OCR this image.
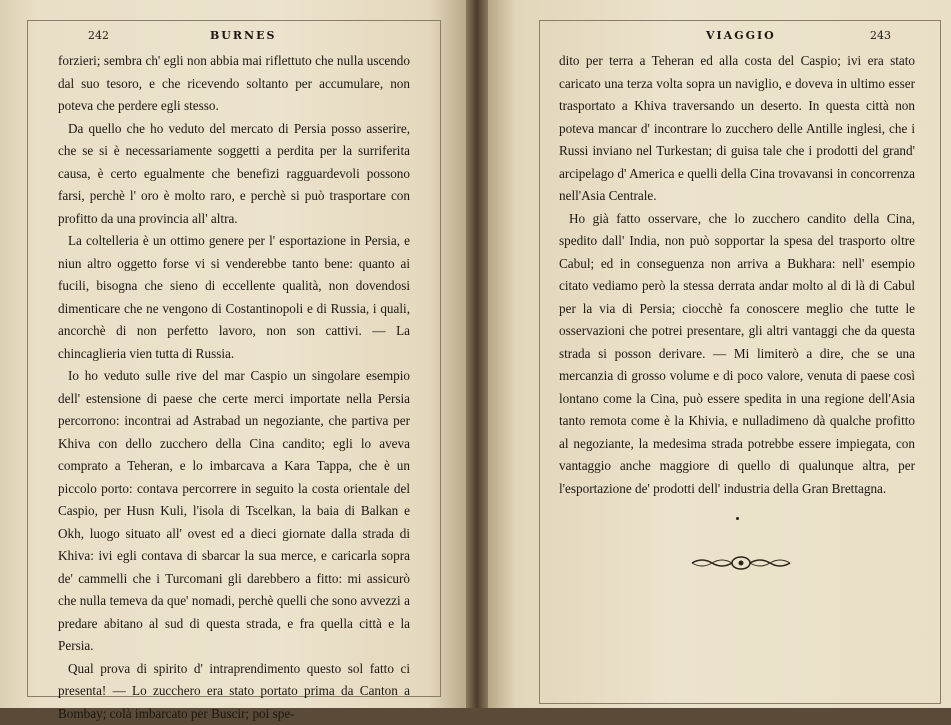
242	BURNES

forzieri; sembra ch' egli non abbia mai riflettuto che nulla uscendo dal suo tesoro, e che ricevendo soltanto per accumulare, non poteva che perdere egli stesso.

Da quello che ho veduto del mercato di Persia posso asserire, che se si è necessariamente soggetti a perdita per la surriferita causa, è certo egualmente che benefizi ragguardevoli possono farsi, perchè l' oro è molto raro, e perchè si può trasportare con profitto da una provincia all' altra.

La coltelleria è un ottimo genere per l' esportazione in Persia, e niun altro oggetto forse vi si venderebbe tanto bene: quanto ai fucili, bisogna che sieno di eccellente qualità, non dovendosi dimenticare che ne vengono di Costantinopoli e di Russia, i quali, ancorchè di non perfetto lavoro, non son cattivi. — La chincaglieria vien tutta di Russia.

Io ho veduto sulle rive del mar Caspio un singolare esempio dell' estensione di paese che certe merci importate nella Persia percorrono: incontrai ad Astrabad un negoziante, che partiva per Khiva con dello zucchero della Cina candito; egli lo aveva comprato a Teheran, e lo imbarcava a Kara Tappa, che è un piccolo porto: contava percorrere in seguito la costa orientale del Caspio, per Husn Kuli, l'isola di Tscelkan, la baia di Balkan e Okh, luogo situato all' ovest ed a dieci giornate dalla strada di Khiva: ivi egli contava di sbarcar la sua merce, e caricarla sopra de' cammelli che i Turcomani gli darebbero a fitto: mi assicurò che nulla temeva da que' nomadi, perchè quelli che sono avvezzi a predare abitano al sud di questa strada, e fra quella città e la Persia.

Qual prova di spirito d' intraprendimento questo sol fatto ci presenta! — Lo zucchero era stato portato prima da Canton a Bombay; colà imbarcato per Buscir; poi spe-

VIAGGIO	243

dito per terra a Teheran ed alla costa del Caspio; ivi era stato caricato una terza volta sopra un naviglio, e doveva in ultimo esser trasportato a Khiva traversando un deserto. In questa città non poteva mancar d' incontrare lo zucchero delle Antille inglesi, che i Russi inviano nel Turkestan; di guisa tale che i prodotti del grand' arcipelago d' America e quelli della Cina trovavansi in concorrenza nell'Asia Centrale.

Ho già fatto osservare, che lo zucchero candito della Cina, spedito dall' India, non può sopportar la spesa del trasporto oltre Cabul; ed in conseguenza non arriva a Bukhara: nell' esempio citato vediamo però la stessa derrata andar molto al di là di Cabul per la via di Persia; ciocchè fa conoscere meglio che tutte le osservazioni che potrei presentare, gli altri vantaggi che da questa strada si posson derivare. — Mi limiterò a dire, che se una mercanzia di grosso volume e di poco valore, venuta di paese così lontano come la Cina, può essere spedita in una regione dell'Asia tanto remota come è la Khivia, e nulladimeno dà qualche profitto al negoziante, la medesima strada potrebbe essere impiegata, con vantaggio anche maggiore di quello di qualunque altra, per l'esportazione de' prodotti dell' industria della Gran Brettagna.
